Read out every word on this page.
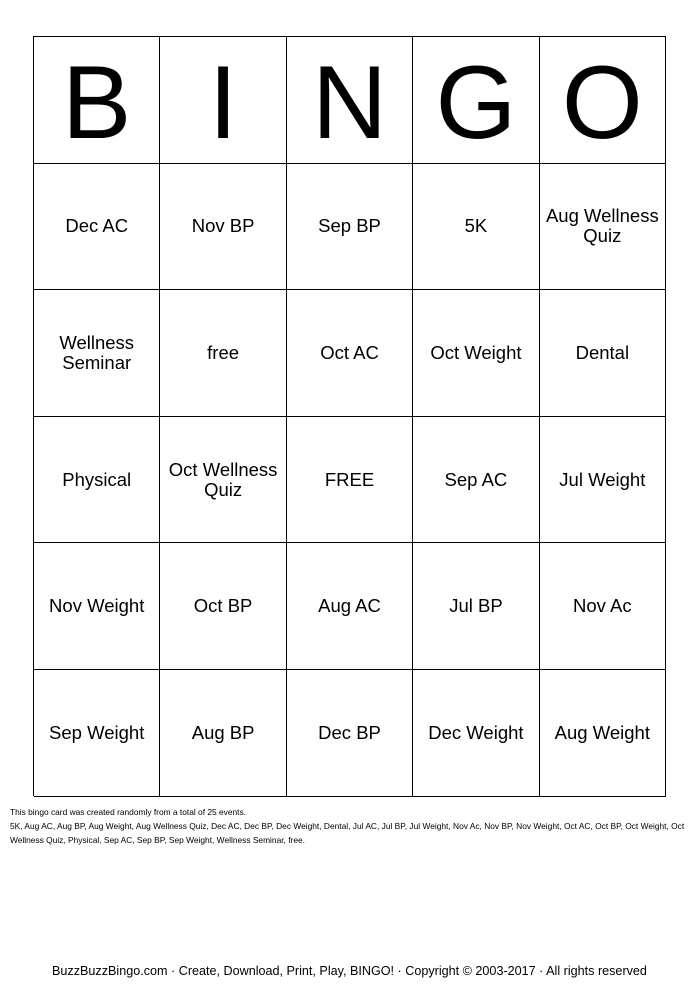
B I N G O
Dec AC	Nov BP	Sep BP	5K	Aug Wellness Quiz
Wellness Seminar	free	Oct AC	Oct Weight	Dental
Physical	Oct Wellness Quiz	FREE	Sep AC	Jul Weight
Nov Weight	Oct BP	Aug AC	Jul BP	Nov Ac
Sep Weight	Aug BP	Dec BP	Dec Weight	Aug Weight

This bingo card was created randomly from a total of 25 events.

5K, Aug AC, Aug BP, Aug Weight, Aug Wellness Quiz, Dec AC, Dec BP, Dec Weight, Dental, Jul AC, Jul BP, Jul Weight, Nov Ac, Nov BP, Nov Weight, Oct AC, Oct BP, Oct Weight, Oct Wellness Quiz, Physical, Sep AC, Sep BP, Sep Weight, Wellness Seminar, free.

BuzzBuzzBingo.com · Create, Download, Print, Play, BINGO! · Copyright © 2003-2017 · All rights reserved
